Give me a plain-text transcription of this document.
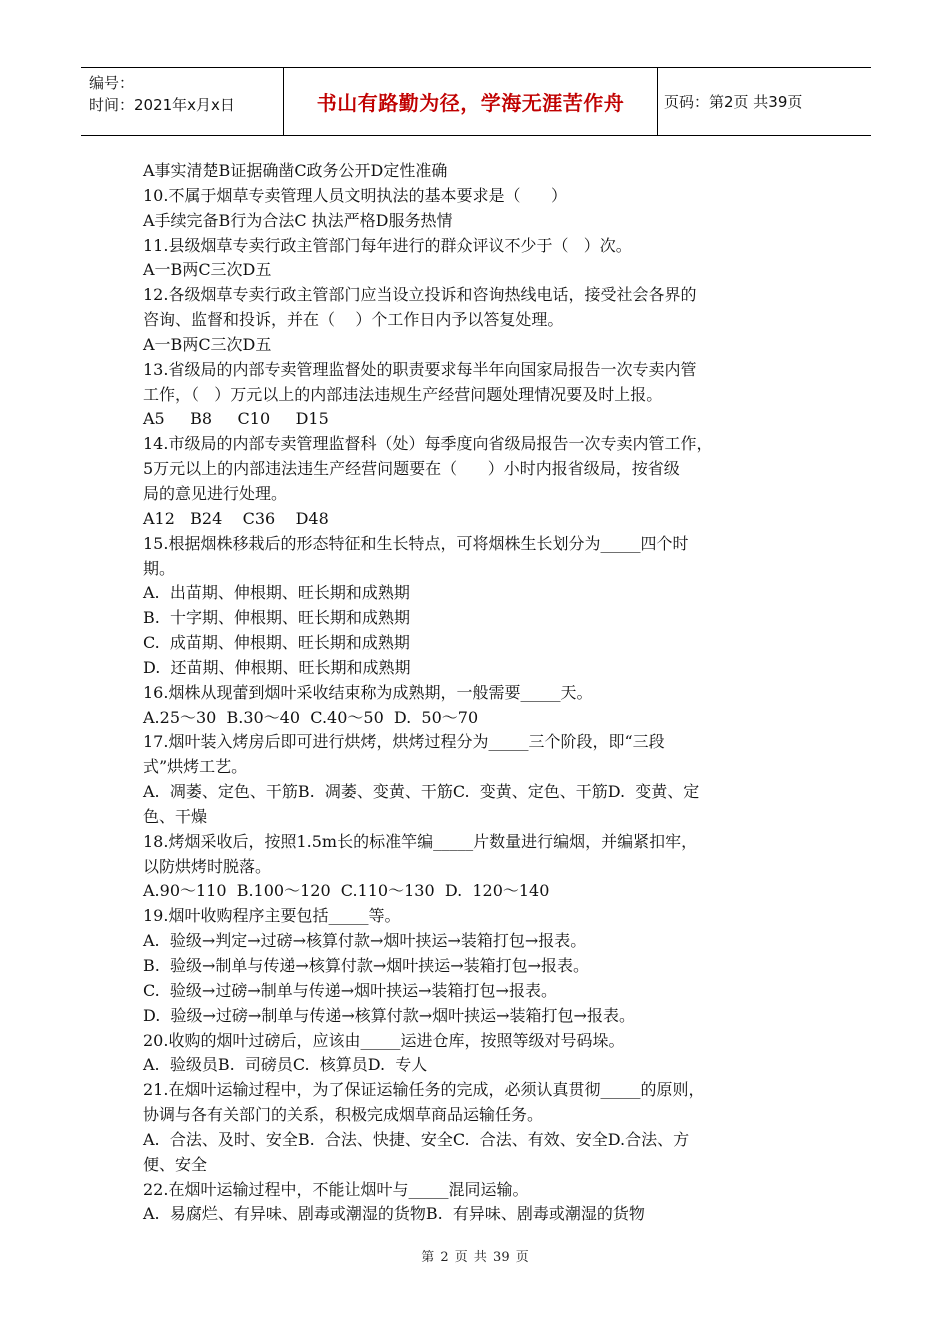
编号：
时间：2021年x月x日	书山有路勤为径，学海无涯苦作舟	页码：第2页 共39页
A事实清楚B证据确凿C政务公开D定性准确
10.不属于烟草专卖管理人员文明执法的基本要求是（      ）
A手续完备B行为合法C 执法严格D服务热情
11.县级烟草专卖行政主管部门每年进行的群众评议不少于（   ）次。
A一B两C三次D五
12.各级烟草专卖行政主管部门应当设立投诉和咨询热线电话，接受社会各界的
咨询、监督和投诉，并在（    ）个工作日内予以答复处理。
A一B两C三次D五
13.省级局的内部专卖管理监督处的职责要求每半年向国家局报告一次专卖内管
工作，（   ）万元以上的内部违法违规生产经营问题处理情况要及时上报。
A5     B8     C10     D15
14.市级局的内部专卖管理监督科（处）每季度向省级局报告一次专卖内管工作，
5万元以上的内部违法违生产经营问题要在（      ）小时内报省级局，按省级
局的意见进行处理。
A12   B24    C36    D48
15.根据烟株移栽后的形态特征和生长特点，可将烟株生长划分为_____四个时
期。
A.  出苗期、伸根期、旺长期和成熟期
B.  十字期、伸根期、旺长期和成熟期
C.  成苗期、伸根期、旺长期和成熟期
D.  还苗期、伸根期、旺长期和成熟期
16.烟株从现蕾到烟叶采收结束称为成熟期，一般需要_____天。
A.25～30  B.30～40  C.40～50  D.  50～70
17.烟叶装入烤房后即可进行烘烤，烘烤过程分为_____三个阶段，即“三段
式”烘烤工艺。
A.  凋萎、定色、干筋B.  凋萎、变黄、干筋C.  变黄、定色、干筋D.  变黄、定
色、干燥
18.烤烟采收后，按照1.5m长的标准竿编_____片数量进行编烟，并编紧扣牢，
以防烘烤时脱落。
A.90～110  B.100～120  C.110～130  D.  120～140
19.烟叶收购程序主要包括_____等。
A.  验级→判定→过磅→核算付款→烟叶挟运→装箱打包→报表。
B.  验级→制单与传递→核算付款→烟叶挟运→装箱打包→报表。
C.  验级→过磅→制单与传递→烟叶挟运→装箱打包→报表。
D.  验级→过磅→制单与传递→核算付款→烟叶挟运→装箱打包→报表。
20.收购的烟叶过磅后，应该由_____运进仓库，按照等级对号码垛。
A.  验级员B.  司磅员C.  核算员D.  专人
21.在烟叶运输过程中，为了保证运输任务的完成，必须认真贯彻_____的原则，
协调与各有关部门的关系，积极完成烟草商品运输任务。
A.  合法、及时、安全B.  合法、快捷、安全C.  合法、有效、安全D.合法、方
便、安全
22.在烟叶运输过程中，不能让烟叶与_____混同运输。
A.  易腐烂、有异味、剧毒或潮湿的货物B.  有异味、剧毒或潮湿的货物
第 2 页 共 39 页
